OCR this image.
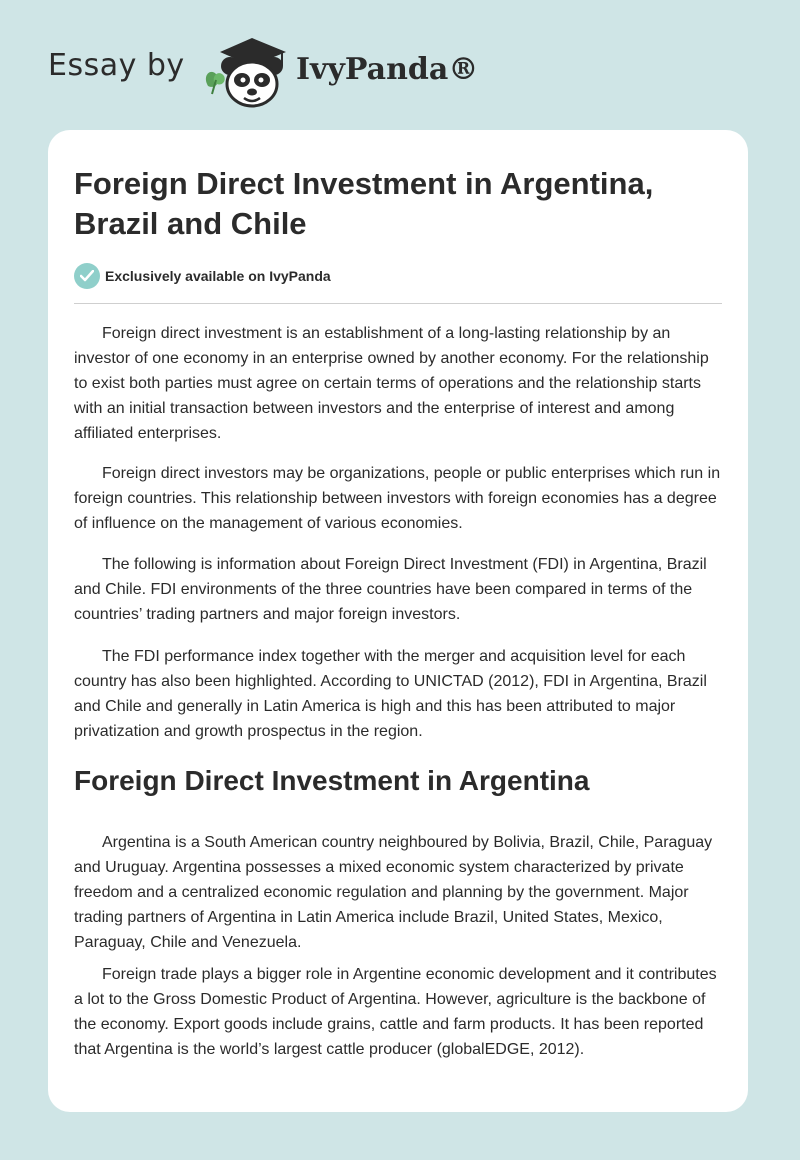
Essay by	IvyPanda®
Foreign Direct Investment in Argentina, Brazil and Chile
Exclusively available on IvyPanda

Foreign direct investment is an establishment of a long-lasting relationship by an investor of one economy in an enterprise owned by another economy. For the relationship to exist both parties must agree on certain terms of operations and the relationship starts with an initial transaction between investors and the enterprise of interest and among affiliated enterprises.

Foreign direct investors may be organizations, people or public enterprises which run in foreign countries. This relationship between investors with foreign economies has a degree of influence on the management of various economies.

The following is information about Foreign Direct Investment (FDI) in Argentina, Brazil and Chile. FDI environments of the three countries have been compared in terms of the countries’ trading partners and major foreign investors.

The FDI performance index together with the merger and acquisition level for each country has also been highlighted. According to UNICTAD (2012), FDI in Argentina, Brazil and Chile and generally in Latin America is high and this has been attributed to major privatization and growth prospectus in the region.

Foreign Direct Investment in Argentina

Argentina is a South American country neighboured by Bolivia, Brazil, Chile, Paraguay and Uruguay. Argentina possesses a mixed economic system characterized by private freedom and a centralized economic regulation and planning by the government. Major trading partners of Argentina in Latin America include Brazil, United States, Mexico, Paraguay, Chile and Venezuela.

Foreign trade plays a bigger role in Argentine economic development and it contributes a lot to the Gross Domestic Product of Argentina. However, agriculture is the backbone of the economy. Export goods include grains, cattle and farm products. It has been reported that Argentina is the world’s largest cattle producer (globalEDGE, 2012).
